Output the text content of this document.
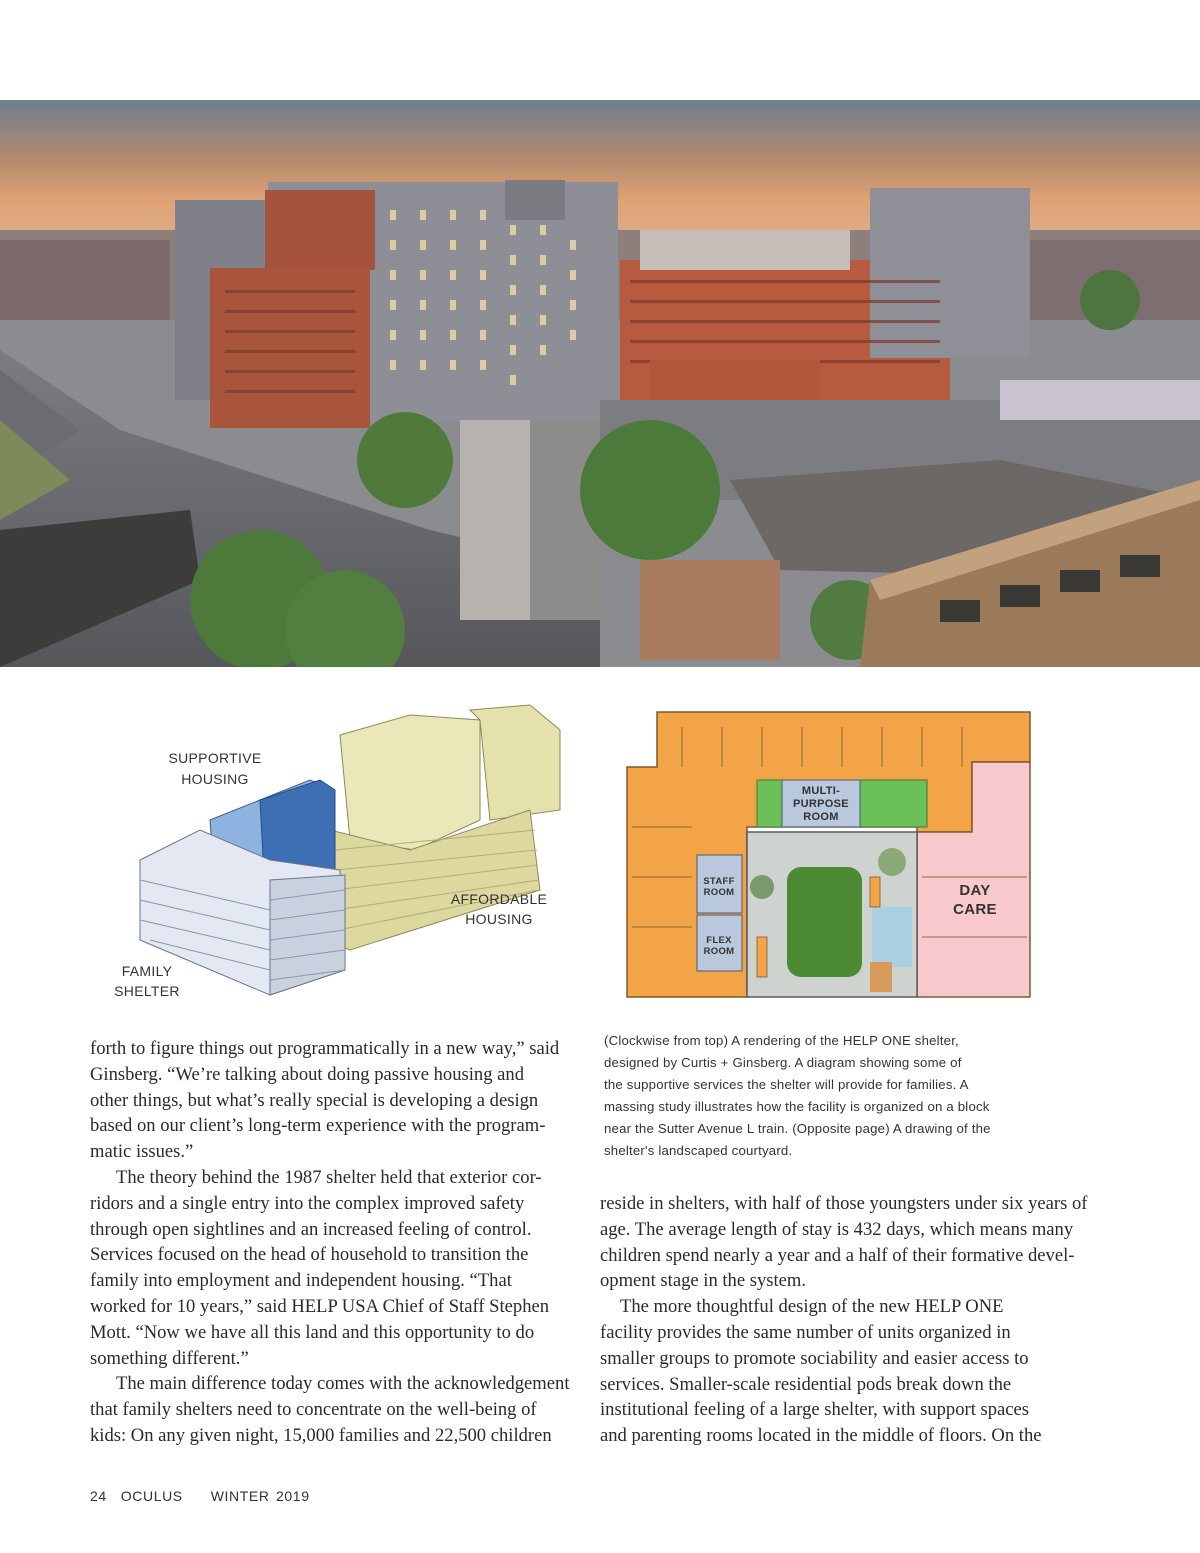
SUPPORTIVE
HOUSING
AFFORDABLE
HOUSING
FAMILY
SHELTER
MULTI-
PURPOSE
ROOM
STAFF
ROOM
FLEX
ROOM
DAY
CARE
(Clockwise from top) A rendering of the HELP ONE shelter,
designed by Curtis + Ginsberg. A diagram showing some of
the supportive services the shelter will provide for families. A
massing study illustrates how the facility is organized on a block
near the Sutter Avenue L train. (Opposite page) A drawing of the
shelter's landscaped courtyard.
forth to figure things out programmatically in a new way,” said
Ginsberg. “We’re talking about doing passive housing and
other things, but what’s really special is developing a design
based on our client’s long-term experience with the program-
matic issues.”
The theory behind the 1987 shelter held that exterior cor-
ridors and a single entry into the complex improved safety
through open sightlines and an increased feeling of control.
Services focused on the head of household to transition the
family into employment and independent housing. “That
worked for 10 years,” said HELP USA Chief of Staff Stephen
Mott. “Now we have all this land and this opportunity to do
something different.”
The main difference today comes with the acknowledgement
that family shelters need to concentrate on the well-being of
kids: On any given night, 15,000 families and 22,500 children
reside in shelters, with half of those youngsters under six years of
age. The average length of stay is 432 days, which means many
children spend nearly a year and a half of their formative devel-
opment stage in the system.
The more thoughtful design of the new HELP ONE
facility provides the same number of units organized in
smaller groups to promote sociability and easier access to
services. Smaller-scale residential pods break down the
institutional feeling of a large shelter, with support spaces
and parenting rooms located in the middle of floors. On the
24 OCULUS WINTER 2019
